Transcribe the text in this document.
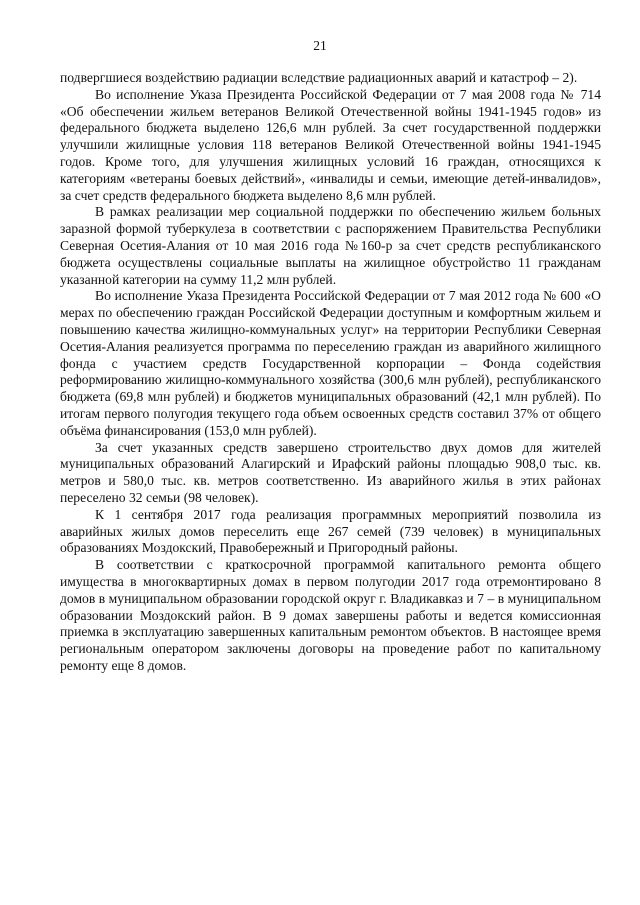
21

подвергшиеся воздействию радиации вследствие радиационных аварий и катастроф – 2).

Во исполнение Указа Президента Российской Федерации от 7 мая 2008 года № 714 «Об обеспечении жильем ветеранов Великой Отечественной войны 1941-1945 годов» из федерального бюджета выделено 126,6 млн рублей. За счет государственной поддержки улучшили жилищные условия 118 ветеранов Великой Отечественной войны 1941-1945 годов. Кроме того, для улучшения жилищных условий 16 граждан, относящихся к категориям «ветераны боевых действий», «инвалиды и семьи, имеющие детей-инвалидов», за счет средств федерального бюджета выделено 8,6 млн рублей.

В рамках реализации мер социальной поддержки по обеспечению жильем больных заразной формой туберкулеза в соответствии с распоряжением Правительства Республики Северная Осетия-Алания от 10 мая 2016 года №160-р за счет средств республиканского бюджета осуществлены социальные выплаты на жилищное обустройство 11 гражданам указанной категории на сумму 11,2 млн рублей.

Во исполнение Указа Президента Российской Федерации от 7 мая 2012 года № 600 «О мерах по обеспечению граждан Российской Федерации доступным и комфортным жильем и повышению качества жилищно-коммунальных услуг» на территории Республики Северная Осетия-Алания реализуется программа по переселению граждан из аварийного жилищного фонда с участием средств Государственной корпорации – Фонда содействия реформированию жилищно-коммунального хозяйства (300,6 млн рублей), республиканского бюджета (69,8 млн рублей) и бюджетов муниципальных образований (42,1 млн рублей). По итогам первого полугодия текущего года объем освоенных средств составил 37% от общего объёма финансирования (153,0 млн рублей).

За счет указанных средств завершено строительство двух домов для жителей муниципальных образований Алагирский и Ирафский районы площадью 908,0 тыс. кв. метров и 580,0 тыс. кв. метров соответственно. Из аварийного жилья в этих районах переселено 32 семьи (98 человек).

К 1 сентября 2017 года реализация программных мероприятий позволила из аварийных жилых домов переселить еще 267 семей (739 человек) в муниципальных образованиях Моздокский, Правобережный и Пригородный районы.

В соответствии с краткосрочной программой капитального ремонта общего имущества в многоквартирных домах в первом полугодии 2017 года отремонтировано 8 домов в муниципальном образовании городской округ г. Владикавказ и 7 – в муниципальном образовании Моздокский район. В 9 домах завершены работы и ведется комиссионная приемка в эксплуатацию завершенных капитальным ремонтом объектов. В настоящее время региональным оператором заключены договоры на проведение работ по капитальному ремонту еще 8 домов.
